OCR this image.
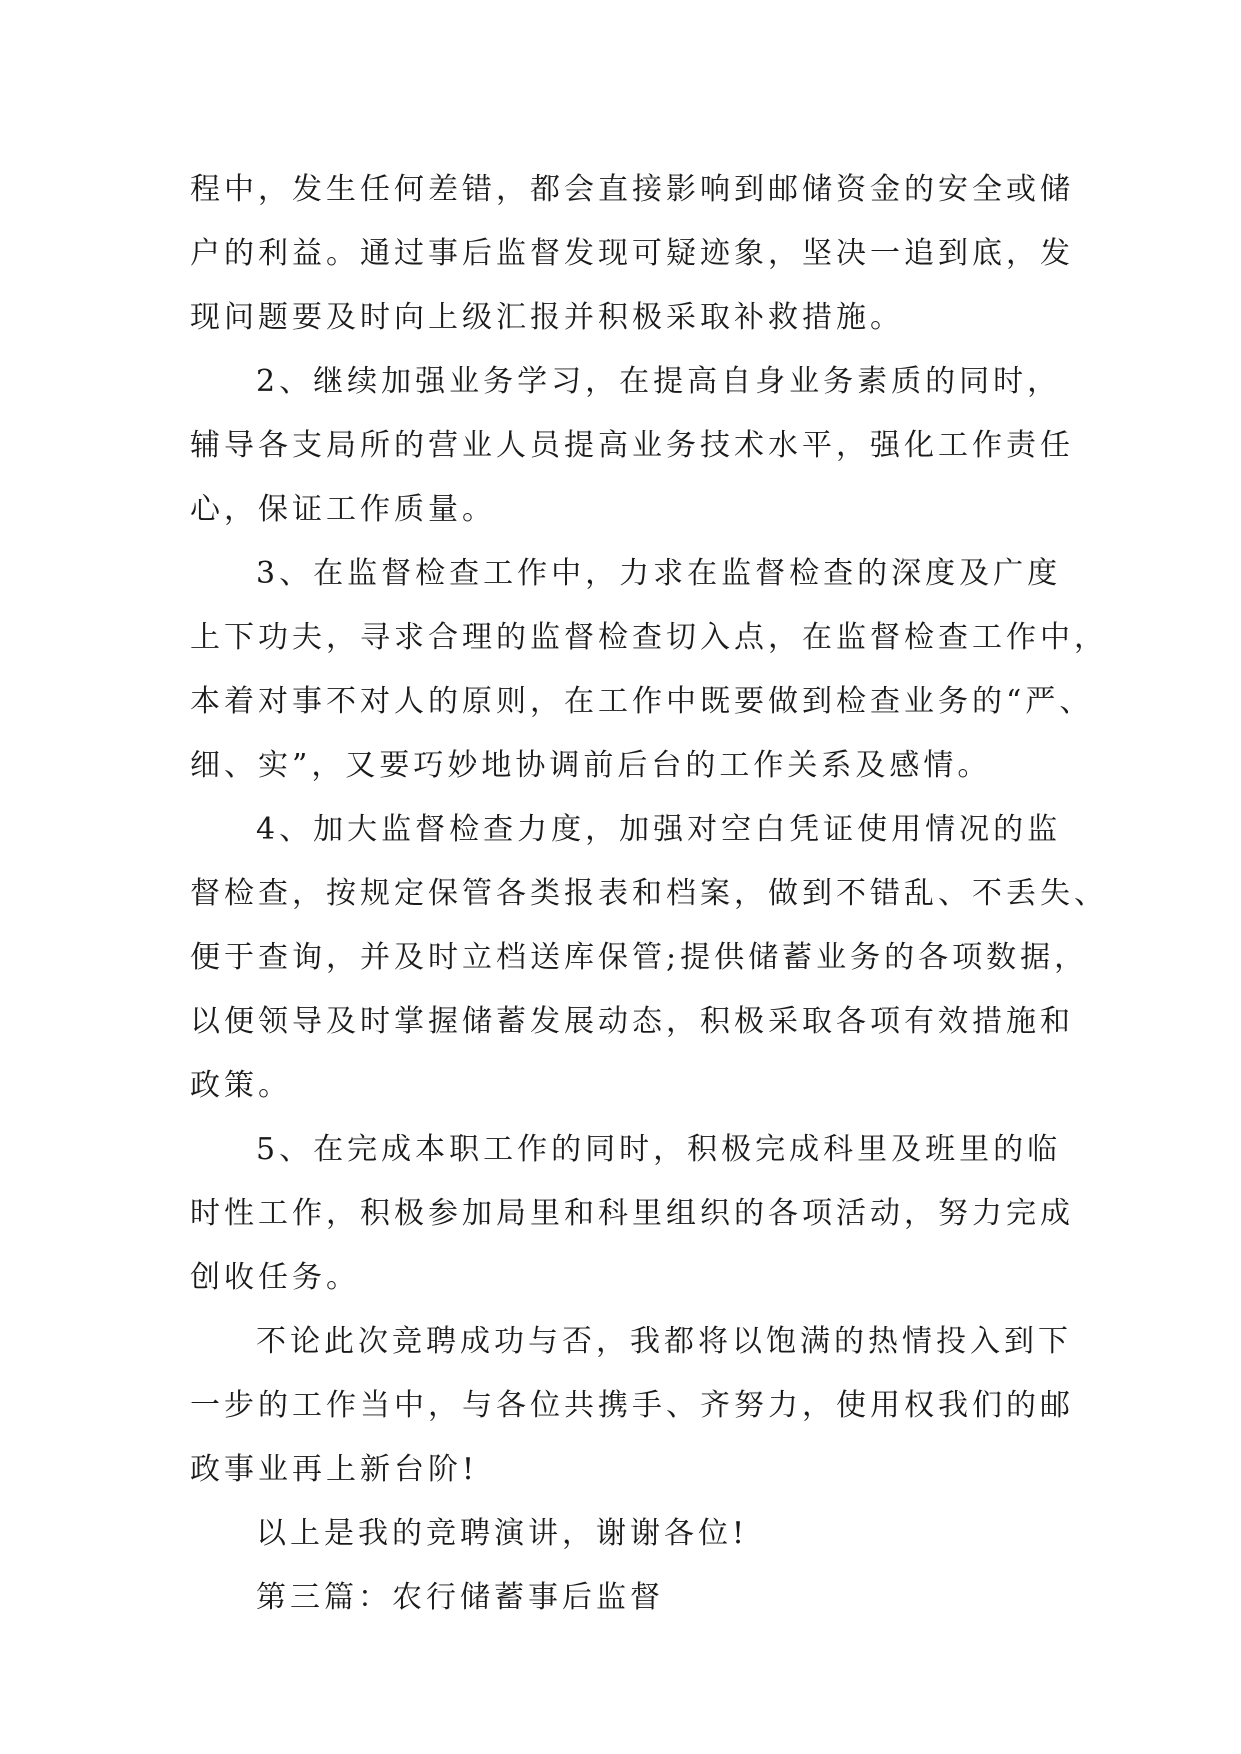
程中，发生任何差错，都会直接影响到邮储资金的安全或储
户的利益。通过事后监督发现可疑迹象，坚决一追到底，发
现问题要及时向上级汇报并积极采取补救措施。

2、继续加强业务学习，在提高自身业务素质的同时，
辅导各支局所的营业人员提高业务技术水平，强化工作责任
心，保证工作质量。

3、在监督检查工作中，力求在监督检查的深度及广度
上下功夫，寻求合理的监督检查切入点，在监督检查工作中，
本着对事不对人的原则，在工作中既要做到检查业务的“严、
细、实”，又要巧妙地协调前后台的工作关系及感情。

4、加大监督检查力度，加强对空白凭证使用情况的监
督检查，按规定保管各类报表和档案，做到不错乱、不丢失、
便于查询，并及时立档送库保管;提供储蓄业务的各项数据，
以便领导及时掌握储蓄发展动态，积极采取各项有效措施和
政策。

5、在完成本职工作的同时，积极完成科里及班里的临
时性工作，积极参加局里和科里组织的各项活动，努力完成
创收任务。

不论此次竞聘成功与否，我都将以饱满的热情投入到下
一步的工作当中，与各位共携手、齐努力，使用权我们的邮
政事业再上新台阶!

以上是我的竞聘演讲，谢谢各位!

第三篇：农行储蓄事后监督
